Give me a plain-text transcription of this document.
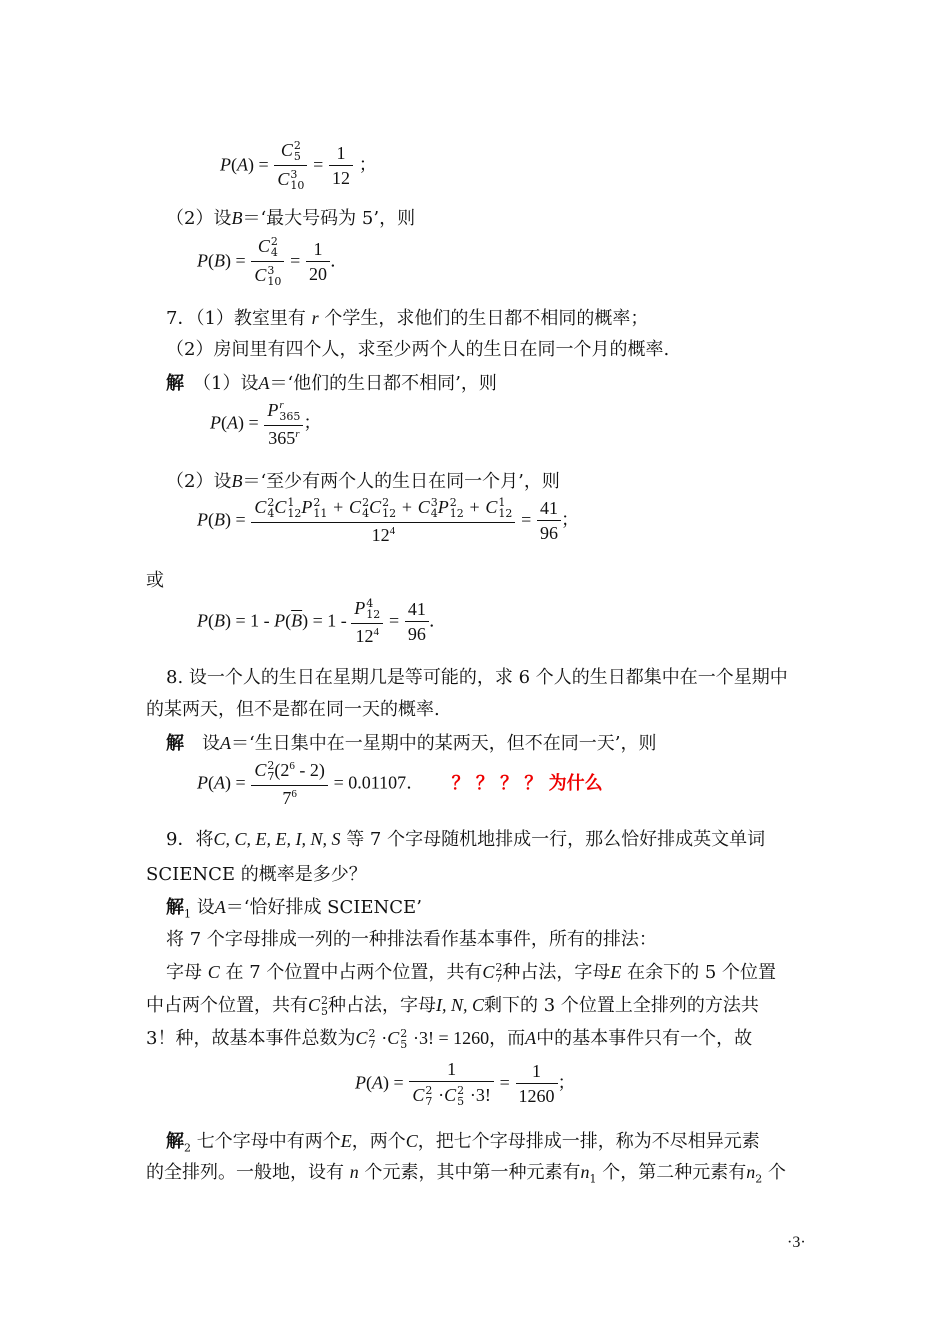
P(A) = C 2
5
C 3
$10 = \frac{1}{12}$ ；
（2）设B＝‘最大号码为 5’，则
P(B) = C 2
4
C 3
$10 = \frac{1}{20}$ .
7．（1）教室里有 r 个学生，求他们的生日都不相同的概率；
（2）房间里有四个人，求至少两个人的生日在同一个月的概率.
解　 （1）设A＝‘他们的生日都不相同’，则
P(A) = P r
365
365$^r$ ；
（2）设B＝‘至少有两个人的生日在同一个月’，则
P(B) = C 2
4 C 1
12 P 2
11 + C 2
4 C 2
12 + C 3
4 P 2
12 + C 1
12
$12^4 = \frac{41}{96}$ ；
或
$P(B) = 1 - P(\overline{B}) = 1 - P$ 4
12
$12^4 = \frac{41}{96}$ .
8. 设一个人的生日在星期几是等可能的，求 6 个人的生日都集中在一个星期中
的某两天，但不是都在同一天的概率.
解　 设A＝‘生日集中在一星期中的某两天，但不在同一天’，则
P(A) = C 2
7 $(2^6 - 2)$
$7^6 = 0.01107$. ？ ？ ？ ？ 为什么
9．将C, C, E, E, I, N, S 等 7 个字母随机地排成一行，那么恰好排成英文单词
SCIENCE 的概率是多少？
解$_1$ 设A＝‘恰好排成 SCIENCE’
将 7 个字母排成一列的一种排法看作基本事件，所有的排法：
字母 C 在 7 个位置中占两个位置，共有C 2
7 种占法，字母E 在余下的 5 个位置
中占两个位置，共有C 2
5 种占法，字母I, N, C剩下的 3 个位置上全排列的方法共
3！种，故基本事件总数为C 2
7 ·C 2
5 ·3! = 1260，而A中的基本事件只有一个，故
P(A) = 1
C 2
7 ·C 2
5 ·3! = $\frac{1}{1260}$ ；
解$_2$ 七个字母中有两个E，两个C，把七个字母排成一排，称为不尽相异元素
的全排列。一般地，设有 n 个元素，其中第一种元素有$n_1$ 个，第二种元素有$n_2$ 个
·3·
